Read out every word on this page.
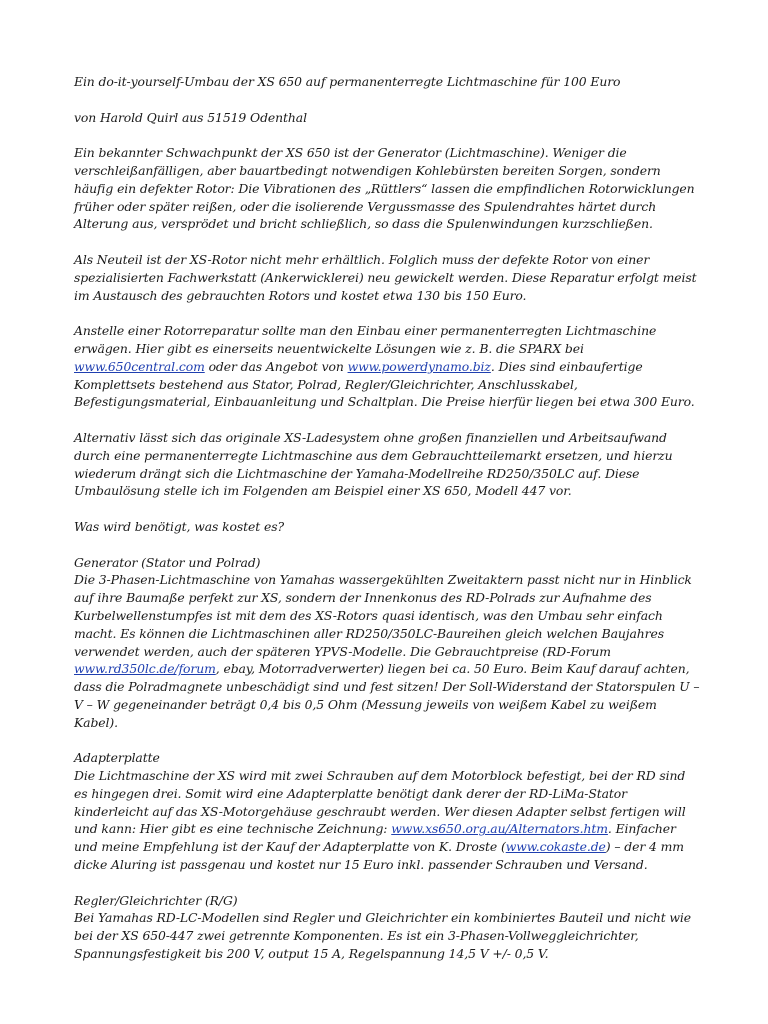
Ein do-it-yourself-Umbau der XS 650 auf permanenterregte Lichtmaschine für 100 Euro

von Harold Quirl aus 51519 Odenthal

Ein bekannter Schwachpunkt der XS 650 ist der Generator (Lichtmaschine). Weniger die verschleißanfälligen, aber bauartbedingt notwendigen Kohlebürsten bereiten Sorgen, sondern häufig ein defekter Rotor: Die Vibrationen des „Rüttlers“ lassen die empfindlichen Rotorwicklungen früher oder später reißen, oder die isolierende Vergussmasse des Spulendrahtes härtet durch Alterung aus, versprödet und bricht schließlich, so dass die Spulenwindungen kurzschließen.

Als Neuteil ist der XS-Rotor nicht mehr erhältlich. Folglich muss der defekte Rotor von einer spezialisierten Fachwerkstatt (Ankerwicklerei) neu gewickelt werden. Diese Reparatur erfolgt meist im Austausch des gebrauchten Rotors und kostet etwa 130 bis 150 Euro.

Anstelle einer Rotorreparatur sollte man den Einbau einer permanenterregten Lichtmaschine erwägen. Hier gibt es einerseits neuentwickelte Lösungen wie z. B. die SPARX bei www.650central.com oder das Angebot von www.powerdynamo.biz. Dies sind einbaufertige Komplettsets bestehend aus Stator, Polrad, Regler/Gleichrichter, Anschlusskabel, Befestigungsmaterial, Einbauanleitung und Schaltplan. Die Preise hierfür liegen bei etwa 300 Euro.

Alternativ lässt sich das originale XS-Ladesystem ohne großen finanziellen und Arbeitsaufwand durch eine permanenterregte Lichtmaschine aus dem Gebrauchtteilemarkt ersetzen, und hierzu wiederum drängt sich die Lichtmaschine der Yamaha-Modellreihe RD250/350LC auf. Diese Umbaulösung stelle ich im Folgenden am Beispiel einer XS 650, Modell 447 vor.

Was wird benötigt, was kostet es?

Generator (Stator und Polrad)

Die 3-Phasen-Lichtmaschine von Yamahas wassergekühlten Zweitaktern passt nicht nur in Hinblick auf ihre Baumaße perfekt zur XS, sondern der Innenkonus des RD-Polrads zur Aufnahme des Kurbelwellenstumpfes ist mit dem des XS-Rotors quasi identisch, was den Umbau sehr einfach macht. Es können die Lichtmaschinen aller RD250/350LC-Baureihen gleich welchen Baujahres verwendet werden, auch der späteren YPVS-Modelle. Die Gebrauchtpreise (RD-Forum www.rd350lc.de/forum, ebay, Motorradverwerter) liegen bei ca. 50 Euro. Beim Kauf darauf achten, dass die Polradmagnete unbeschädigt sind und fest sitzen! Der Soll-Widerstand der Statorspulen U – V – W gegeneinander beträgt 0,4 bis 0,5 Ohm (Messung jeweils von weißem Kabel zu weißem Kabel).

Adapterplatte

Die Lichtmaschine der XS wird mit zwei Schrauben auf dem Motorblock befestigt, bei der RD sind es hingegen drei. Somit wird eine Adapterplatte benötigt dank derer der RD-LiMa-Stator kinderleicht auf das XS-Motorgehäuse geschraubt werden. Wer diesen Adapter selbst fertigen will und kann: Hier gibt es eine technische Zeichnung: www.xs650.org.au/Alternators.htm. Einfacher und meine Empfehlung ist der Kauf der Adapterplatte von K. Droste (www.cokaste.de) – der 4 mm dicke Aluring ist passgenau und kostet nur 15 Euro inkl. passender Schrauben und Versand.

Regler/Gleichrichter (R/G)

Bei Yamahas RD-LC-Modellen sind Regler und Gleichrichter ein kombiniertes Bauteil und nicht wie bei der XS 650-447 zwei getrennte Komponenten. Es ist ein 3-Phasen-Vollweggleichrichter, Spannungsfestigkeit bis 200 V, output 15 A, Regelspannung 14,5 V +/- 0,5 V.
